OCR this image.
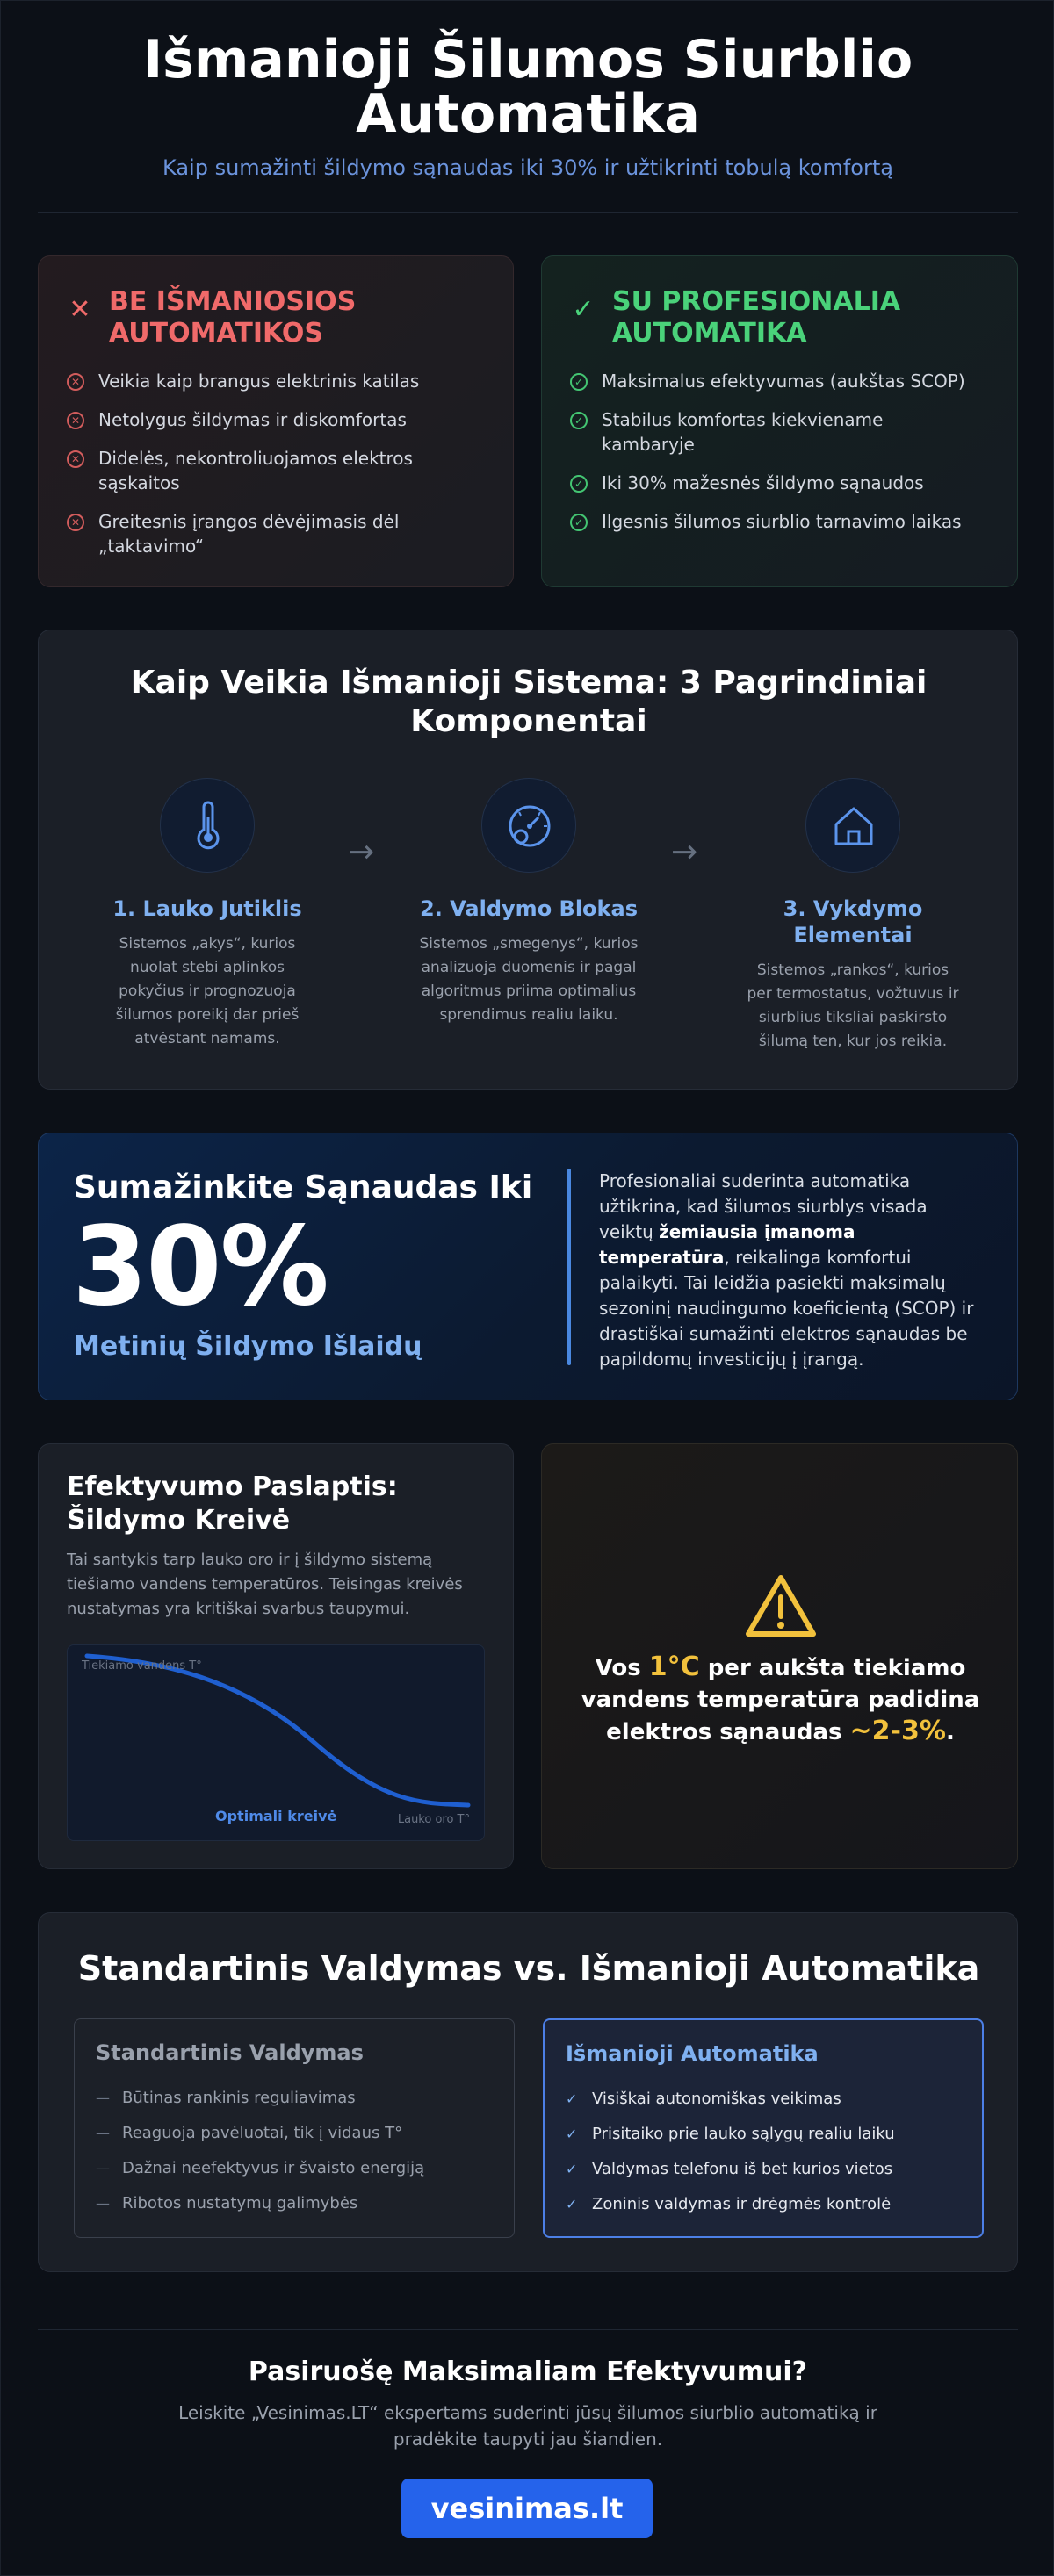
Išmanioji Šilumos Siurblio Automatika
Kaip sumažinti šildymo sąnaudas iki 30% ir užtikrinti tobulą komfortą
✕ BE IŠMANIOSIOS AUTOMATIKOS
✕ Veikia kaip brangus elektrinis katilas
✕ Netolygus šildymas ir diskomfortas
✕ Didelės, nekontroliuojamos elektros sąskaitos
✕ Greitesnis įrangos dėvėjimasis dėl „taktavimo“
✓ SU PROFESIONALIA AUTOMATIKA
✓ Maksimalus efektyvumas (aukštas SCOP)
✓ Stabilus komfortas kiekviename kambaryje
✓ Iki 30% mažesnės šildymo sąnaudos
✓ Ilgesnis šilumos siurblio tarnavimo laikas
Kaip Veikia Išmanioji Sistema: 3 Pagrindiniai Komponentai
1. Lauko Jutiklis
Sistemos „akys“, kurios nuolat stebi aplinkos pokyčius ir prognozuoja šilumos poreikį dar prieš atvėstant namams.
→
2. Valdymo Blokas
Sistemos „smegenys“, kurios analizuoja duomenis ir pagal algoritmus priima optimalius sprendimus realiu laiku.
→
3. Vykdymo Elementai
Sistemos „rankos“, kurios per termostatus, vožtuvus ir siurblius tiksliai paskirsto šilumą ten, kur jos reikia.
Sumažinkite Sąnaudas Iki
30%
Metinių Šildymo Išlaidų
Profesionaliai suderinta automatika užtikrina, kad šilumos siurblys visada veiktų žemiausia įmanoma temperatūra, reikalinga komfortui palaikyti. Tai leidžia pasiekti maksimalų sezoninį naudingumo koeficientą (SCOP) ir drastiškai sumažinti elektros sąnaudas be papildomų investicijų į įrangą.
Efektyvumo Paslaptis: Šildymo Kreivė
Tai santykis tarp lauko oro ir į šildymo sistemą tiešiamo vandens temperatūros. Teisingas kreivės nustatymas yra kritiškai svarbus taupymui.
Tiekiamo vandens T°
Lauko oro T°
Optimali kreivė
Vos 1°C per aukšta tiekiamo vandens temperatūra padidina elektros sąnaudas ~2-3%.
Standartinis Valdymas vs. Išmanioji Automatika
Standartinis Valdymas
— Būtinas rankinis reguliavimas
— Reaguoja pavėluotai, tik į vidaus T°
— Dažnai neefektyvus ir švaisto energiją
— Ribotos nustatymų galimybės
Išmanioji Automatika
✓ Visiškai autonomiškas veikimas
✓ Prisitaiko prie lauko sąlygų realiu laiku
✓ Valdymas telefonu iš bet kurios vietos
✓ Zoninis valdymas ir drėgmės kontrolė
Pasiruošę Maksimaliam Efektyvumui?
Leiskite „Vesinimas.LT“ ekspertams suderinti jūsų šilumos siurblio automatiką ir pradėkite taupyti jau šiandien.
vesinimas.lt
